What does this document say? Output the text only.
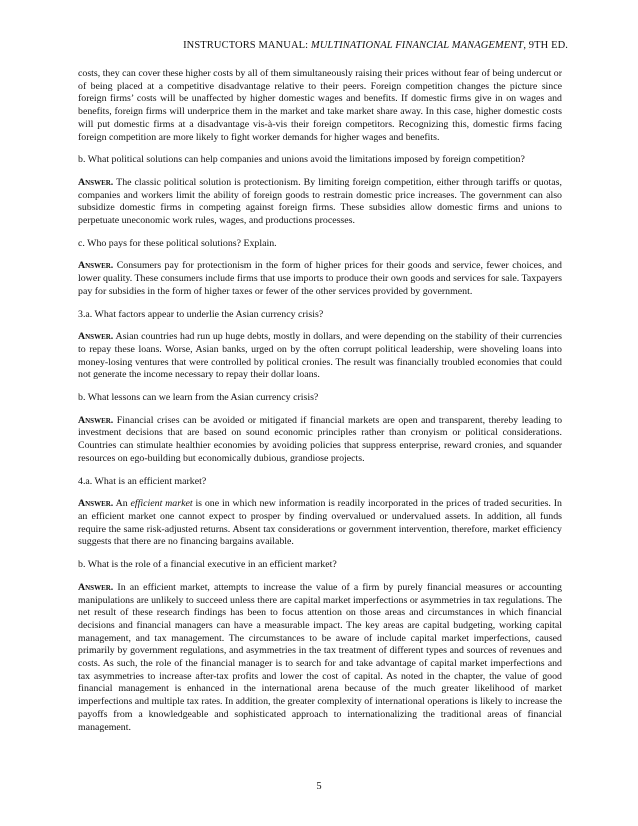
INSTRUCTORS MANUAL: MULTINATIONAL FINANCIAL MANAGEMENT, 9TH ED.

costs, they can cover these higher costs by all of them simultaneously raising their prices without fear of being undercut or of being placed at a competitive disadvantage relative to their peers. Foreign competition changes the picture since foreign firms’ costs will be unaffected by higher domestic wages and benefits. If domestic firms give in on wages and benefits, foreign firms will underprice them in the market and take market share away. In this case, higher domestic costs will put domestic firms at a disadvantage vis-à-vis their foreign competitors. Recognizing this, domestic firms facing foreign competition are more likely to fight worker demands for higher wages and benefits.

b. What political solutions can help companies and unions avoid the limitations imposed by foreign competition?

Answer. The classic political solution is protectionism. By limiting foreign competition, either through tariffs or quotas, companies and workers limit the ability of foreign goods to restrain domestic price increases. The government can also subsidize domestic firms in competing against foreign firms. These subsidies allow domestic firms and unions to perpetuate uneconomic work rules, wages, and productions processes.

c. Who pays for these political solutions? Explain.

Answer. Consumers pay for protectionism in the form of higher prices for their goods and service, fewer choices, and lower quality. These consumers include firms that use imports to produce their own goods and services for sale. Taxpayers pay for subsidies in the form of higher taxes or fewer of the other services provided by government.

3.a. What factors appear to underlie the Asian currency crisis?

Answer. Asian countries had run up huge debts, mostly in dollars, and were depending on the stability of their currencies to repay these loans. Worse, Asian banks, urged on by the often corrupt political leadership, were shoveling loans into money-losing ventures that were controlled by political cronies. The result was financially troubled economies that could not generate the income necessary to repay their dollar loans.

b. What lessons can we learn from the Asian currency crisis?

Answer. Financial crises can be avoided or mitigated if financial markets are open and transparent, thereby leading to investment decisions that are based on sound economic principles rather than cronyism or political considerations. Countries can stimulate healthier economies by avoiding policies that suppress enterprise, reward cronies, and squander resources on ego-building but economically dubious, grandiose projects.

4.a. What is an efficient market?

Answer. An efficient market is one in which new information is readily incorporated in the prices of traded securities. In an efficient market one cannot expect to prosper by finding overvalued or undervalued assets. In addition, all funds require the same risk-adjusted returns. Absent tax considerations or government intervention, therefore, market efficiency suggests that there are no financing bargains available.

b. What is the role of a financial executive in an efficient market?

Answer. In an efficient market, attempts to increase the value of a firm by purely financial measures or accounting manipulations are unlikely to succeed unless there are capital market imperfections or asymmetries in tax regulations. The net result of these research findings has been to focus attention on those areas and circumstances in which financial decisions and financial managers can have a measurable impact. The key areas are capital budgeting, working capital management, and tax management. The circumstances to be aware of include capital market imperfections, caused primarily by government regulations, and asymmetries in the tax treatment of different types and sources of revenues and costs. As such, the role of the financial manager is to search for and take advantage of capital market imperfections and tax asymmetries to increase after-tax profits and lower the cost of capital. As noted in the chapter, the value of good financial management is enhanced in the international arena because of the much greater likelihood of market imperfections and multiple tax rates. In addition, the greater complexity of international operations is likely to increase the payoffs from a knowledgeable and sophisticated approach to internationalizing the traditional areas of financial management.

5
